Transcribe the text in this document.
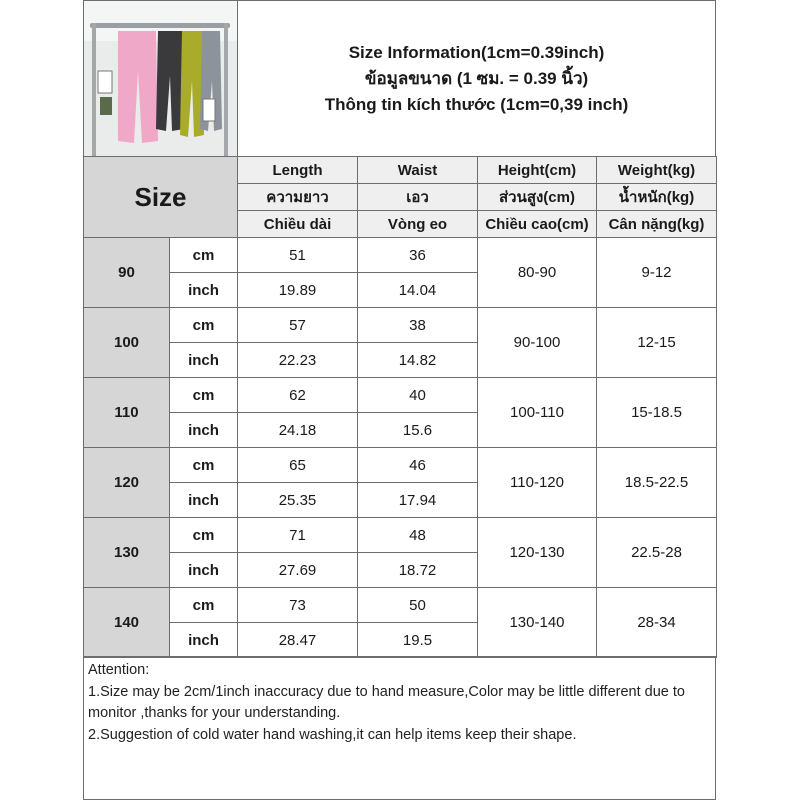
Size Information(1cm=0.39inch)
ข้อมูลขนาด (1 ซม. = 0.39 นิ้ว)
Thông tin kích thước (1cm=0,39 inch)
Size		Length	Waist	Height(cm)	Weight(kg)
		ความยาว	เอว	ส่วนสูง(cm)	น้ำหนัก(kg)
		Chiều dài	Vòng eo	Chiều cao(cm)	Cân nặng(kg)
90	cm	51	36	80-90	9-12
	inch	19.89	14.04		
100	cm	57	38	90-100	12-15
	inch	22.23	14.82		
110	cm	62	40	100-110	15-18.5
	inch	24.18	15.6		
120	cm	65	46	110-120	18.5-22.5
	inch	25.35	17.94		
130	cm	71	48	120-130	22.5-28
	inch	27.69	18.72		
140	cm	73	50	130-140	28-34
	inch	28.47	19.5		
Attention:
1.Size may be 2cm/1inch inaccuracy due to hand measure,Color may be little different due to monitor ,thanks for your understanding.
2.Suggestion of cold water hand washing,it can help items keep their shape.
